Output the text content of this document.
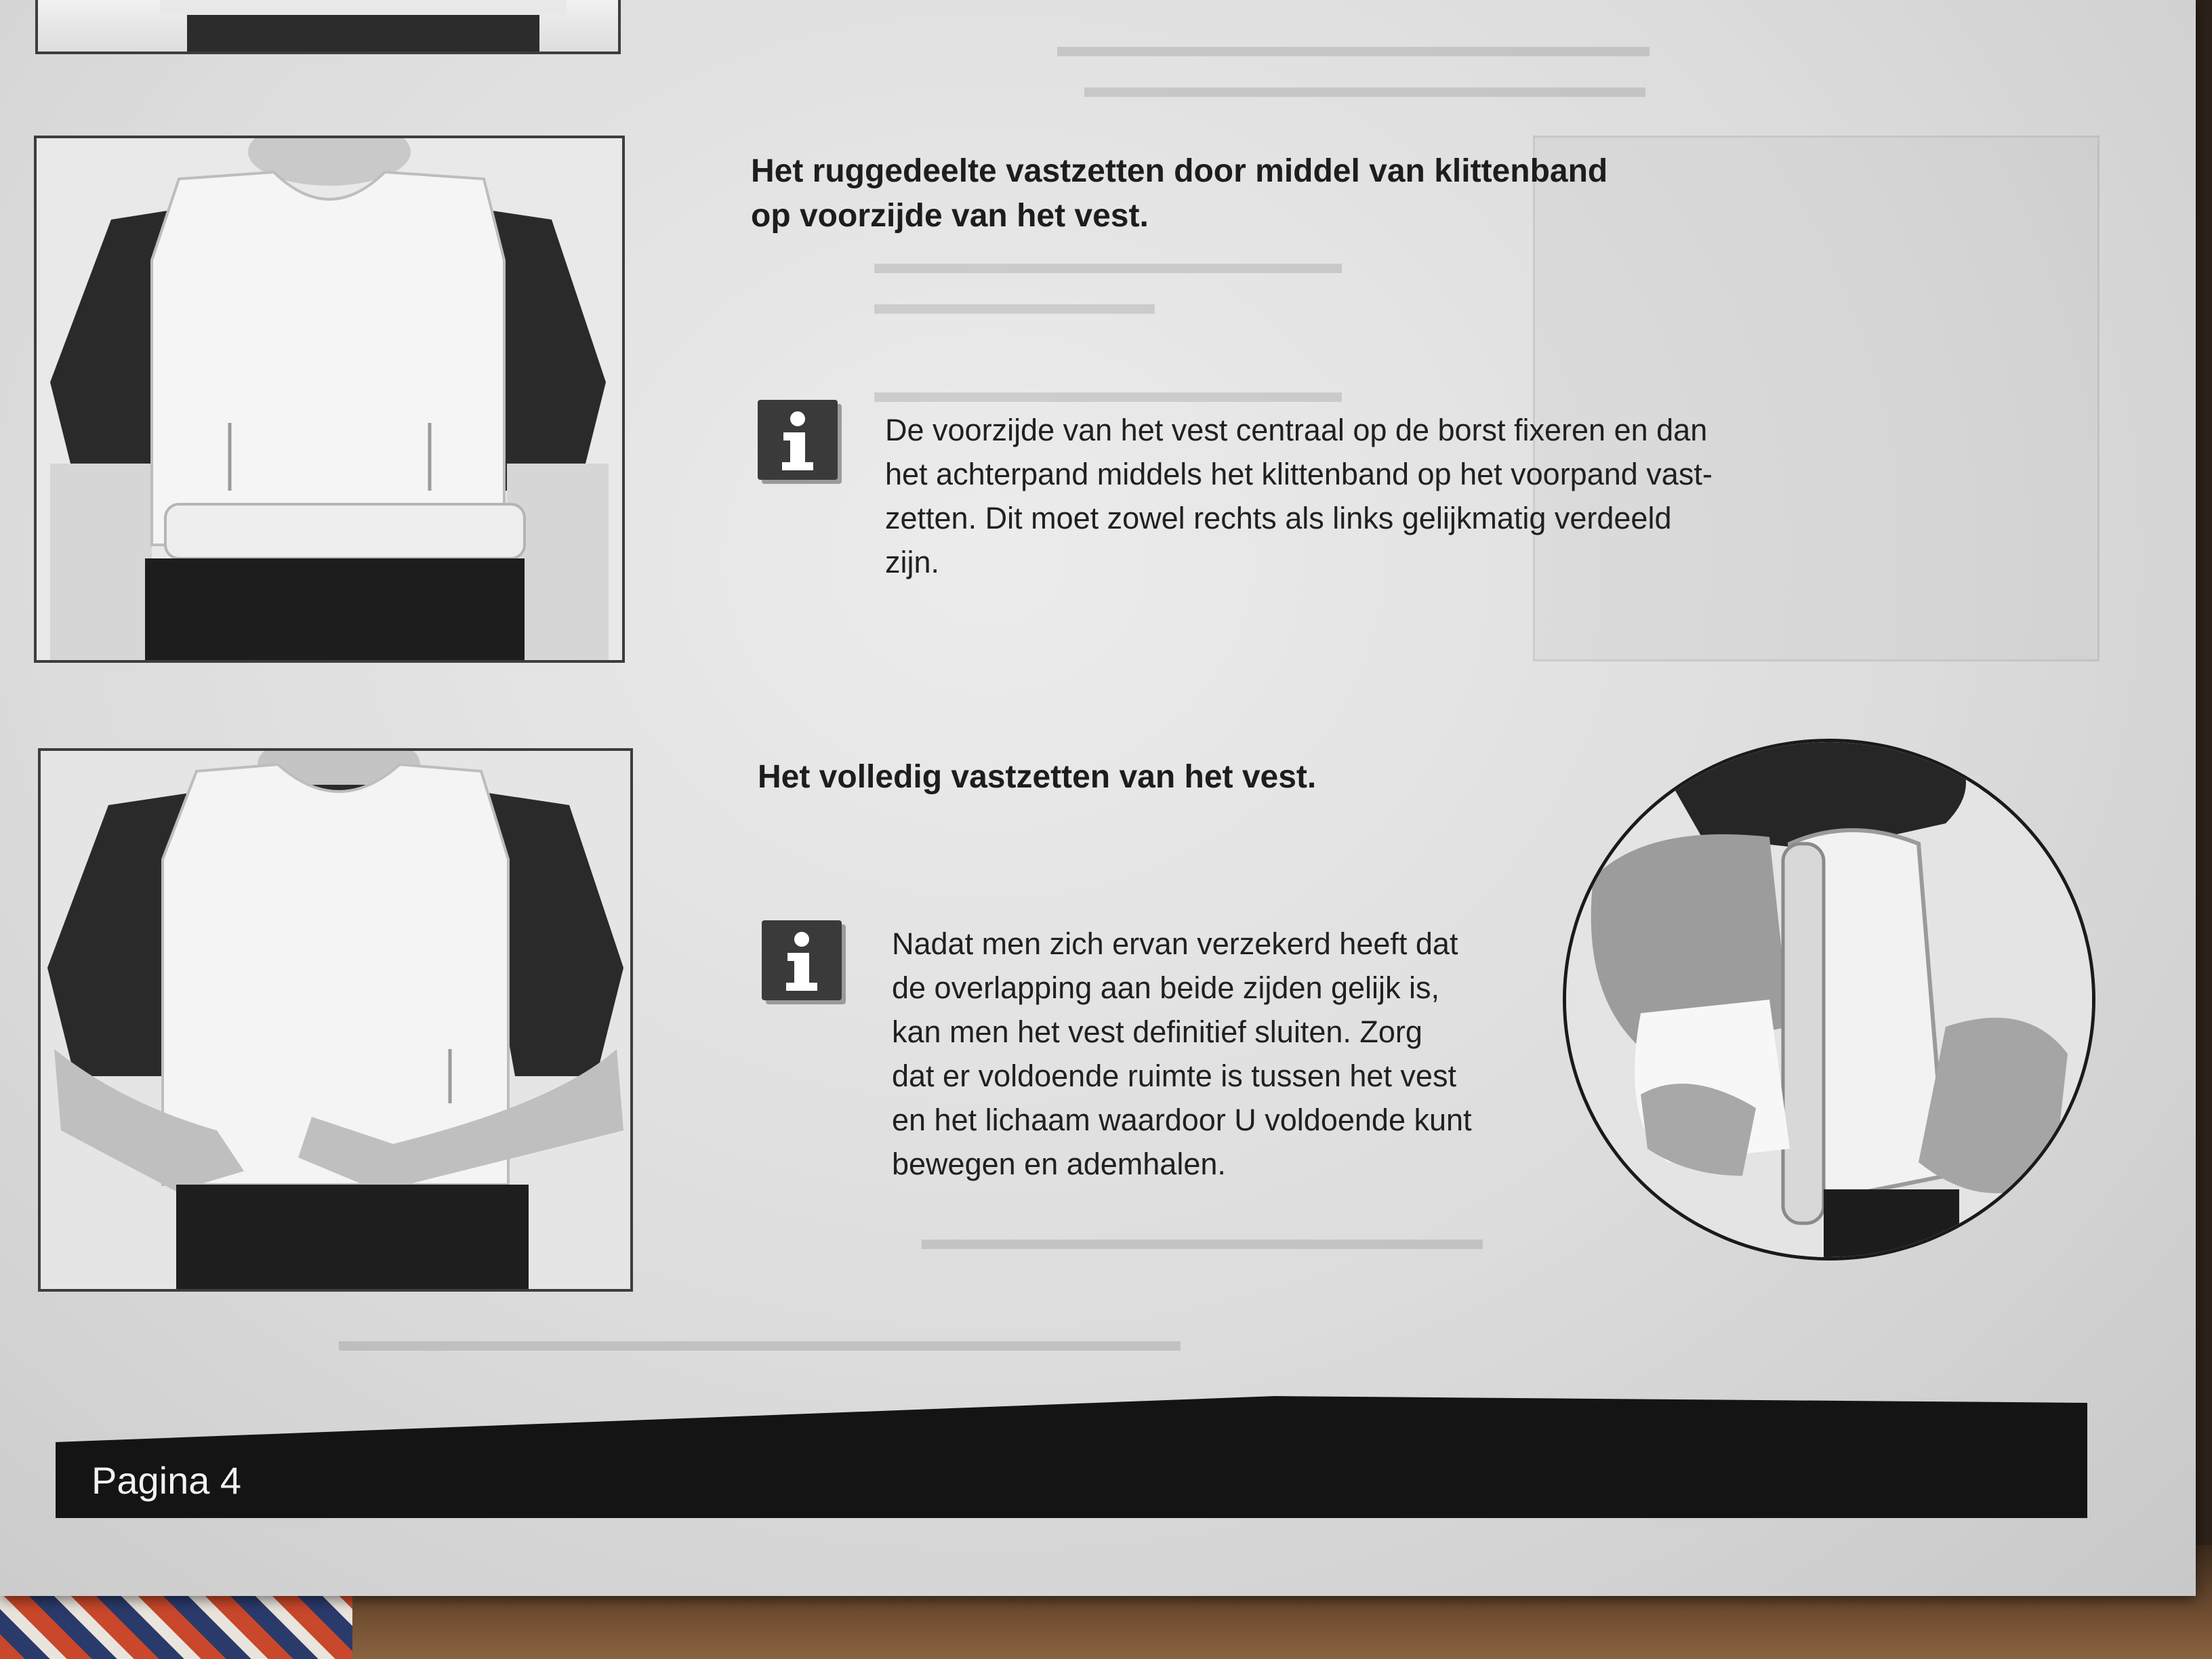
▬▬▬▬▬▬▬▬▬▬▬▬▬▬▬▬▬▬▬
▬▬▬▬▬▬▬▬▬▬▬▬▬▬▬▬▬▬
▬▬▬▬▬▬▬▬▬▬▬▬▬▬▬
▬▬▬▬▬▬▬▬▬
▬▬▬▬▬▬▬▬▬▬▬▬▬▬▬
▬▬▬▬▬▬▬▬▬▬▬▬▬▬▬▬▬▬▬▬▬▬▬▬▬▬▬
▬▬▬▬▬▬▬▬▬▬▬▬▬▬▬▬▬▬
Het ruggedeelte vastzetten door middel van klittenband
op voorzijde van het vest.
De voorzijde van het vest centraal op de borst fixeren en dan
het achterpand middels het klittenband op het voorpand vast-
zetten. Dit moet zowel rechts als links gelijkmatig verdeeld
zijn.
Het volledig vastzetten van het vest.
Nadat men zich ervan verzekerd heeft dat
de overlapping aan beide zijden gelijk is,
kan men het vest definitief sluiten. Zorg
dat er voldoende ruimte is tussen het vest
en het lichaam waardoor U voldoende kunt
bewegen en ademhalen.

Pagina 4
